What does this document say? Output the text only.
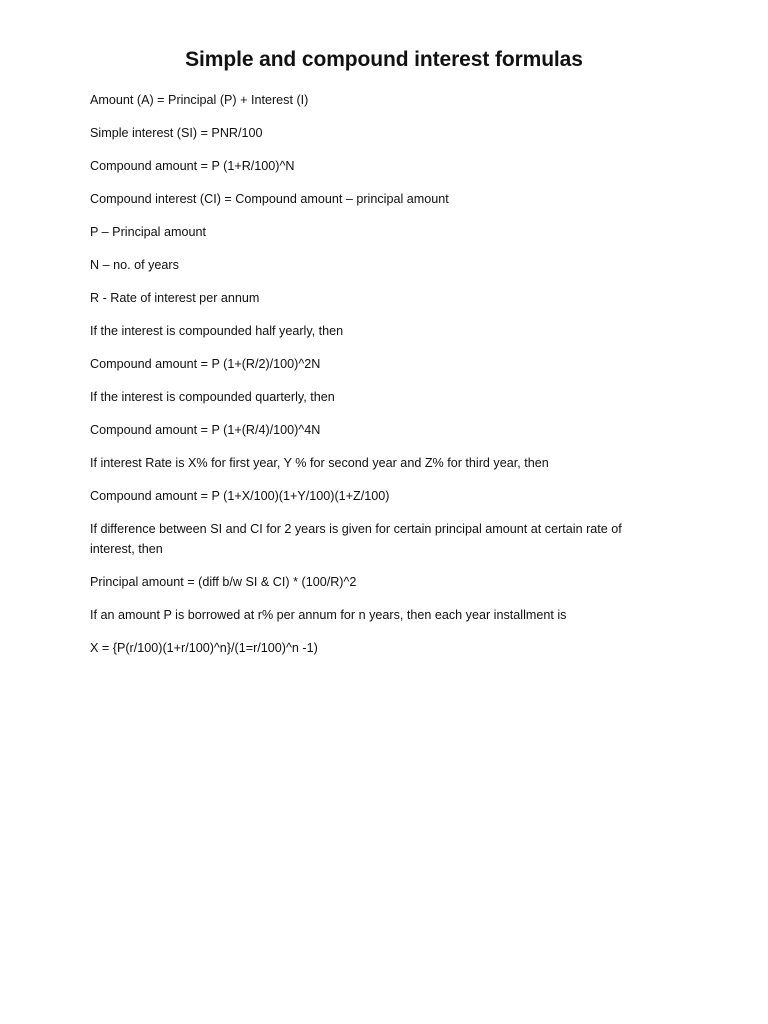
Simple and compound interest formulas

Amount (A) = Principal (P) + Interest (I)

Simple interest (SI) = PNR/100

Compound amount = P (1+R/100)^N

Compound interest (CI) = Compound amount – principal amount

P – Principal amount

N – no. of years

R - Rate of interest per annum

If the interest is compounded half yearly, then

Compound amount = P (1+(R/2)/100)^2N

If the interest is compounded quarterly, then

Compound amount = P (1+(R/4)/100)^4N

If interest Rate is X% for first year, Y % for second year and Z% for third year, then

Compound amount = P (1+X/100)(1+Y/100)(1+Z/100)

If difference between SI and CI for 2 years is given for certain principal amount at certain rate of interest, then

Principal amount = (diff b/w SI & CI) * (100/R)^2

If an amount P is borrowed at r% per annum for n years, then each year installment is

X = {P(r/100)(1+r/100)^n}/(1=r/100)^n -1)
